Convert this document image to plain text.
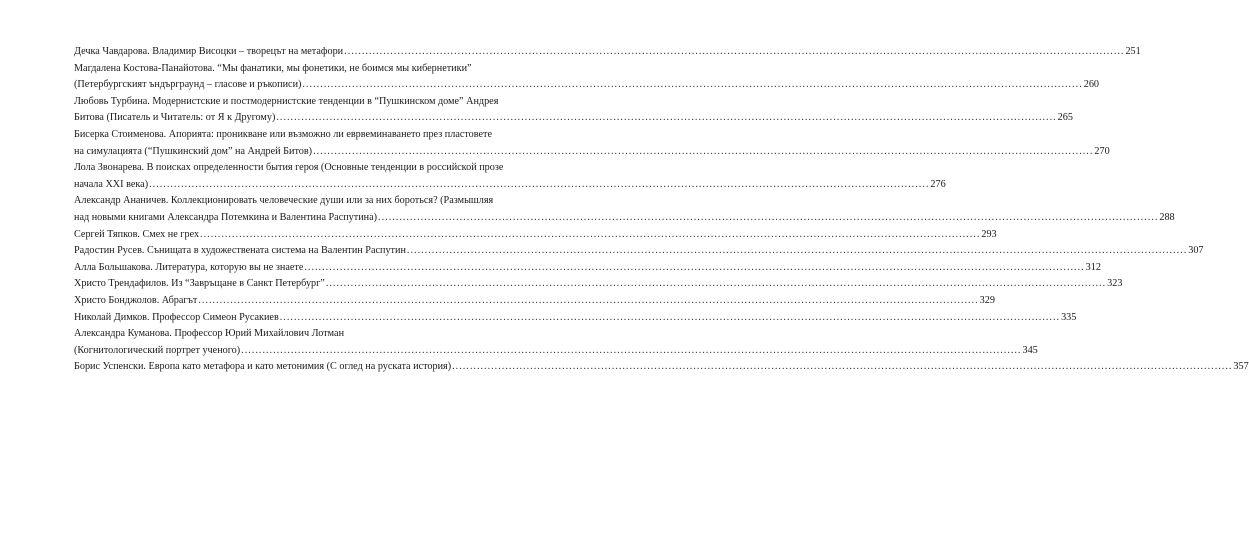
Дечка Чавдарова. Владимир Висоцки – творецът на метафори ............................................................................................................................................................................................................................ 251
Магдалена Костова-Панайотова. “Мы фанатики, мы фонетики, не боимся мы кибернетики”
(Петербургският ъндърграунд – гласове и ръкописи) ............................................................................................................................................................................................................................ 260
Любовь Турбина. Модернистские и постмодернистские тенденции в “Пушкинском доме” Андрея
Битова (Писатель и Читатель: от Я к Другому) ............................................................................................................................................................................................................................ 265
Бисерка Стоименова. Апорията: проникване или възможно ли еврвеминаването през пластовете
на симулацията (“Пушкинский дом” на Андрей Битов) ............................................................................................................................................................................................................................ 270
Лола Звонарева. В поисках определенности бытия героя (Основные тенденции в российской прозе
начала XXI века) ............................................................................................................................................................................................................................ 276
Александр Ананичев. Коллекционировать человеческие души или за них бороться? (Размышляя
над новыми книгами Александра Потемкина и Валентина Распутина) ............................................................................................................................................................................................................................ 288
Сергей Тяпков. Смех не грех ............................................................................................................................................................................................................................ 293
Радостин Русев. Сънищата в художествената система на Валентин Распутин ............................................................................................................................................................................................................................ 307
Алла Большакова. Литература, которую вы не знаете ............................................................................................................................................................................................................................ 312
Христо Трендафилов. Из “Завръщане в Санкт Петербург” ............................................................................................................................................................................................................................ 323
Христо Бонджолов. Абрагът ............................................................................................................................................................................................................................ 329
Николай Димков. Профессор Симеон Русакиев ............................................................................................................................................................................................................................ 335
Александра Куманова. Профессор Юрий Михайлович Лотман
(Когнитологический портрет ученого) ............................................................................................................................................................................................................................ 345
Борис Успенски. Европа като метафора и като метонимия (С оглед на руската история) ............................................................................................................................................................................................................................ 357
